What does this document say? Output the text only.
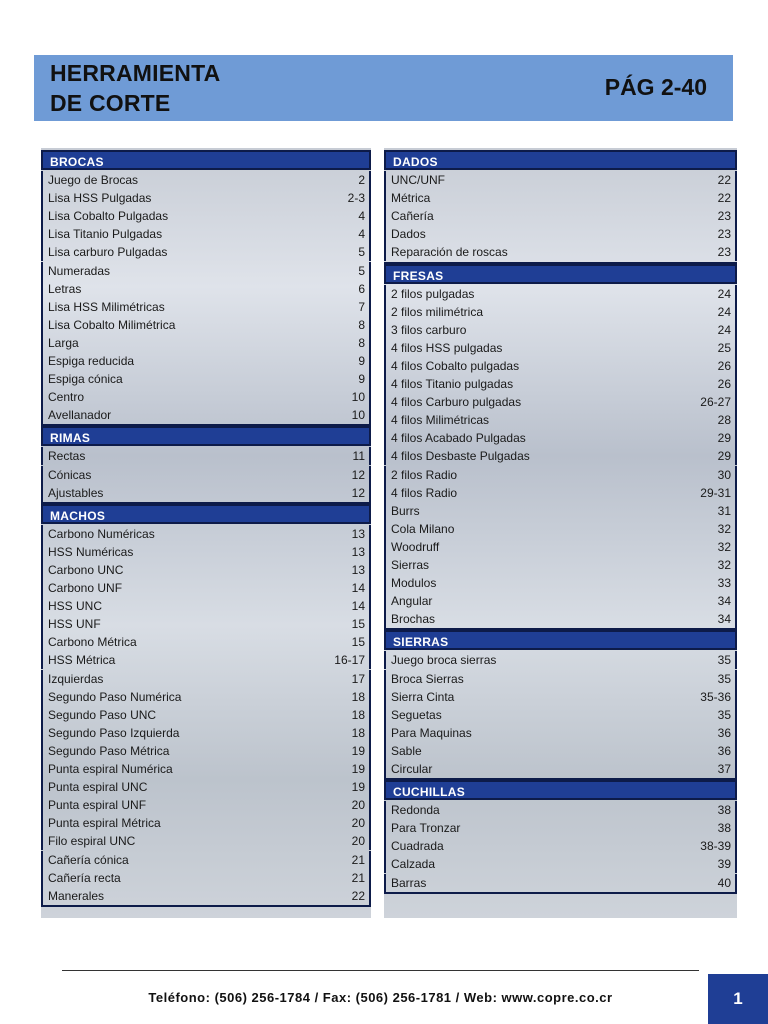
HERRAMIENTA
DE CORTE
PÁG 2-40
BROCAS
Juego de Brocas	2
Lisa HSS Pulgadas	2-3
Lisa Cobalto Pulgadas	4
Lisa Titanio Pulgadas	4
Lisa carburo Pulgadas	5
Numeradas	5
Letras	6
Lisa HSS Milimétricas	7
Lisa Cobalto Milimétrica	8
Larga	8
Espiga reducida	9
Espiga cónica	9
Centro	10
Avellanador	10
RIMAS
Rectas	11
Cónicas	12
Ajustables	12
MACHOS
Carbono Numéricas	13
HSS Numéricas	13
Carbono UNC	13
Carbono UNF	14
HSS UNC	14
HSS UNF	15
Carbono Métrica	15
HSS Métrica	16-17
Izquierdas	17
Segundo Paso Numérica	18
Segundo Paso UNC	18
Segundo Paso Izquierda	18
Segundo Paso Métrica	19
Punta espiral Numérica	19
Punta espiral UNC	19
Punta espiral UNF	20
Punta espiral Métrica	20
Filo espiral UNC	20
Cañería cónica	21
Cañería recta	21
Manerales	22
DADOS
UNC/UNF	22
Métrica	22
Cañería	23
Dados	23
Reparación de roscas	23
FRESAS
2 filos pulgadas	24
2 filos milimétrica	24
3 filos carburo	24
4 filos HSS pulgadas	25
4 filos Cobalto pulgadas	26
4 filos Titanio pulgadas	26
4 filos Carburo pulgadas	26-27
4 filos Milimétricas	28
4 filos Acabado Pulgadas	29
4 filos Desbaste Pulgadas	29
2 filos Radio	30
4 filos Radio	29-31
Burrs	31
Cola Milano	32
Woodruff	32
Sierras	32
Modulos	33
Angular	34
Brochas	34
SIERRAS
Juego broca sierras	35
Broca Sierras	35
Sierra Cinta	35-36
Seguetas	35
Para Maquinas	36
Sable	36
Circular	37
CUCHILLAS
Redonda	38
Para Tronzar	38
Cuadrada	38-39
Calzada	39
Barras	40
Teléfono: (506) 256-1784 / Fax: (506) 256-1781 / Web: www.copre.co.cr	1
